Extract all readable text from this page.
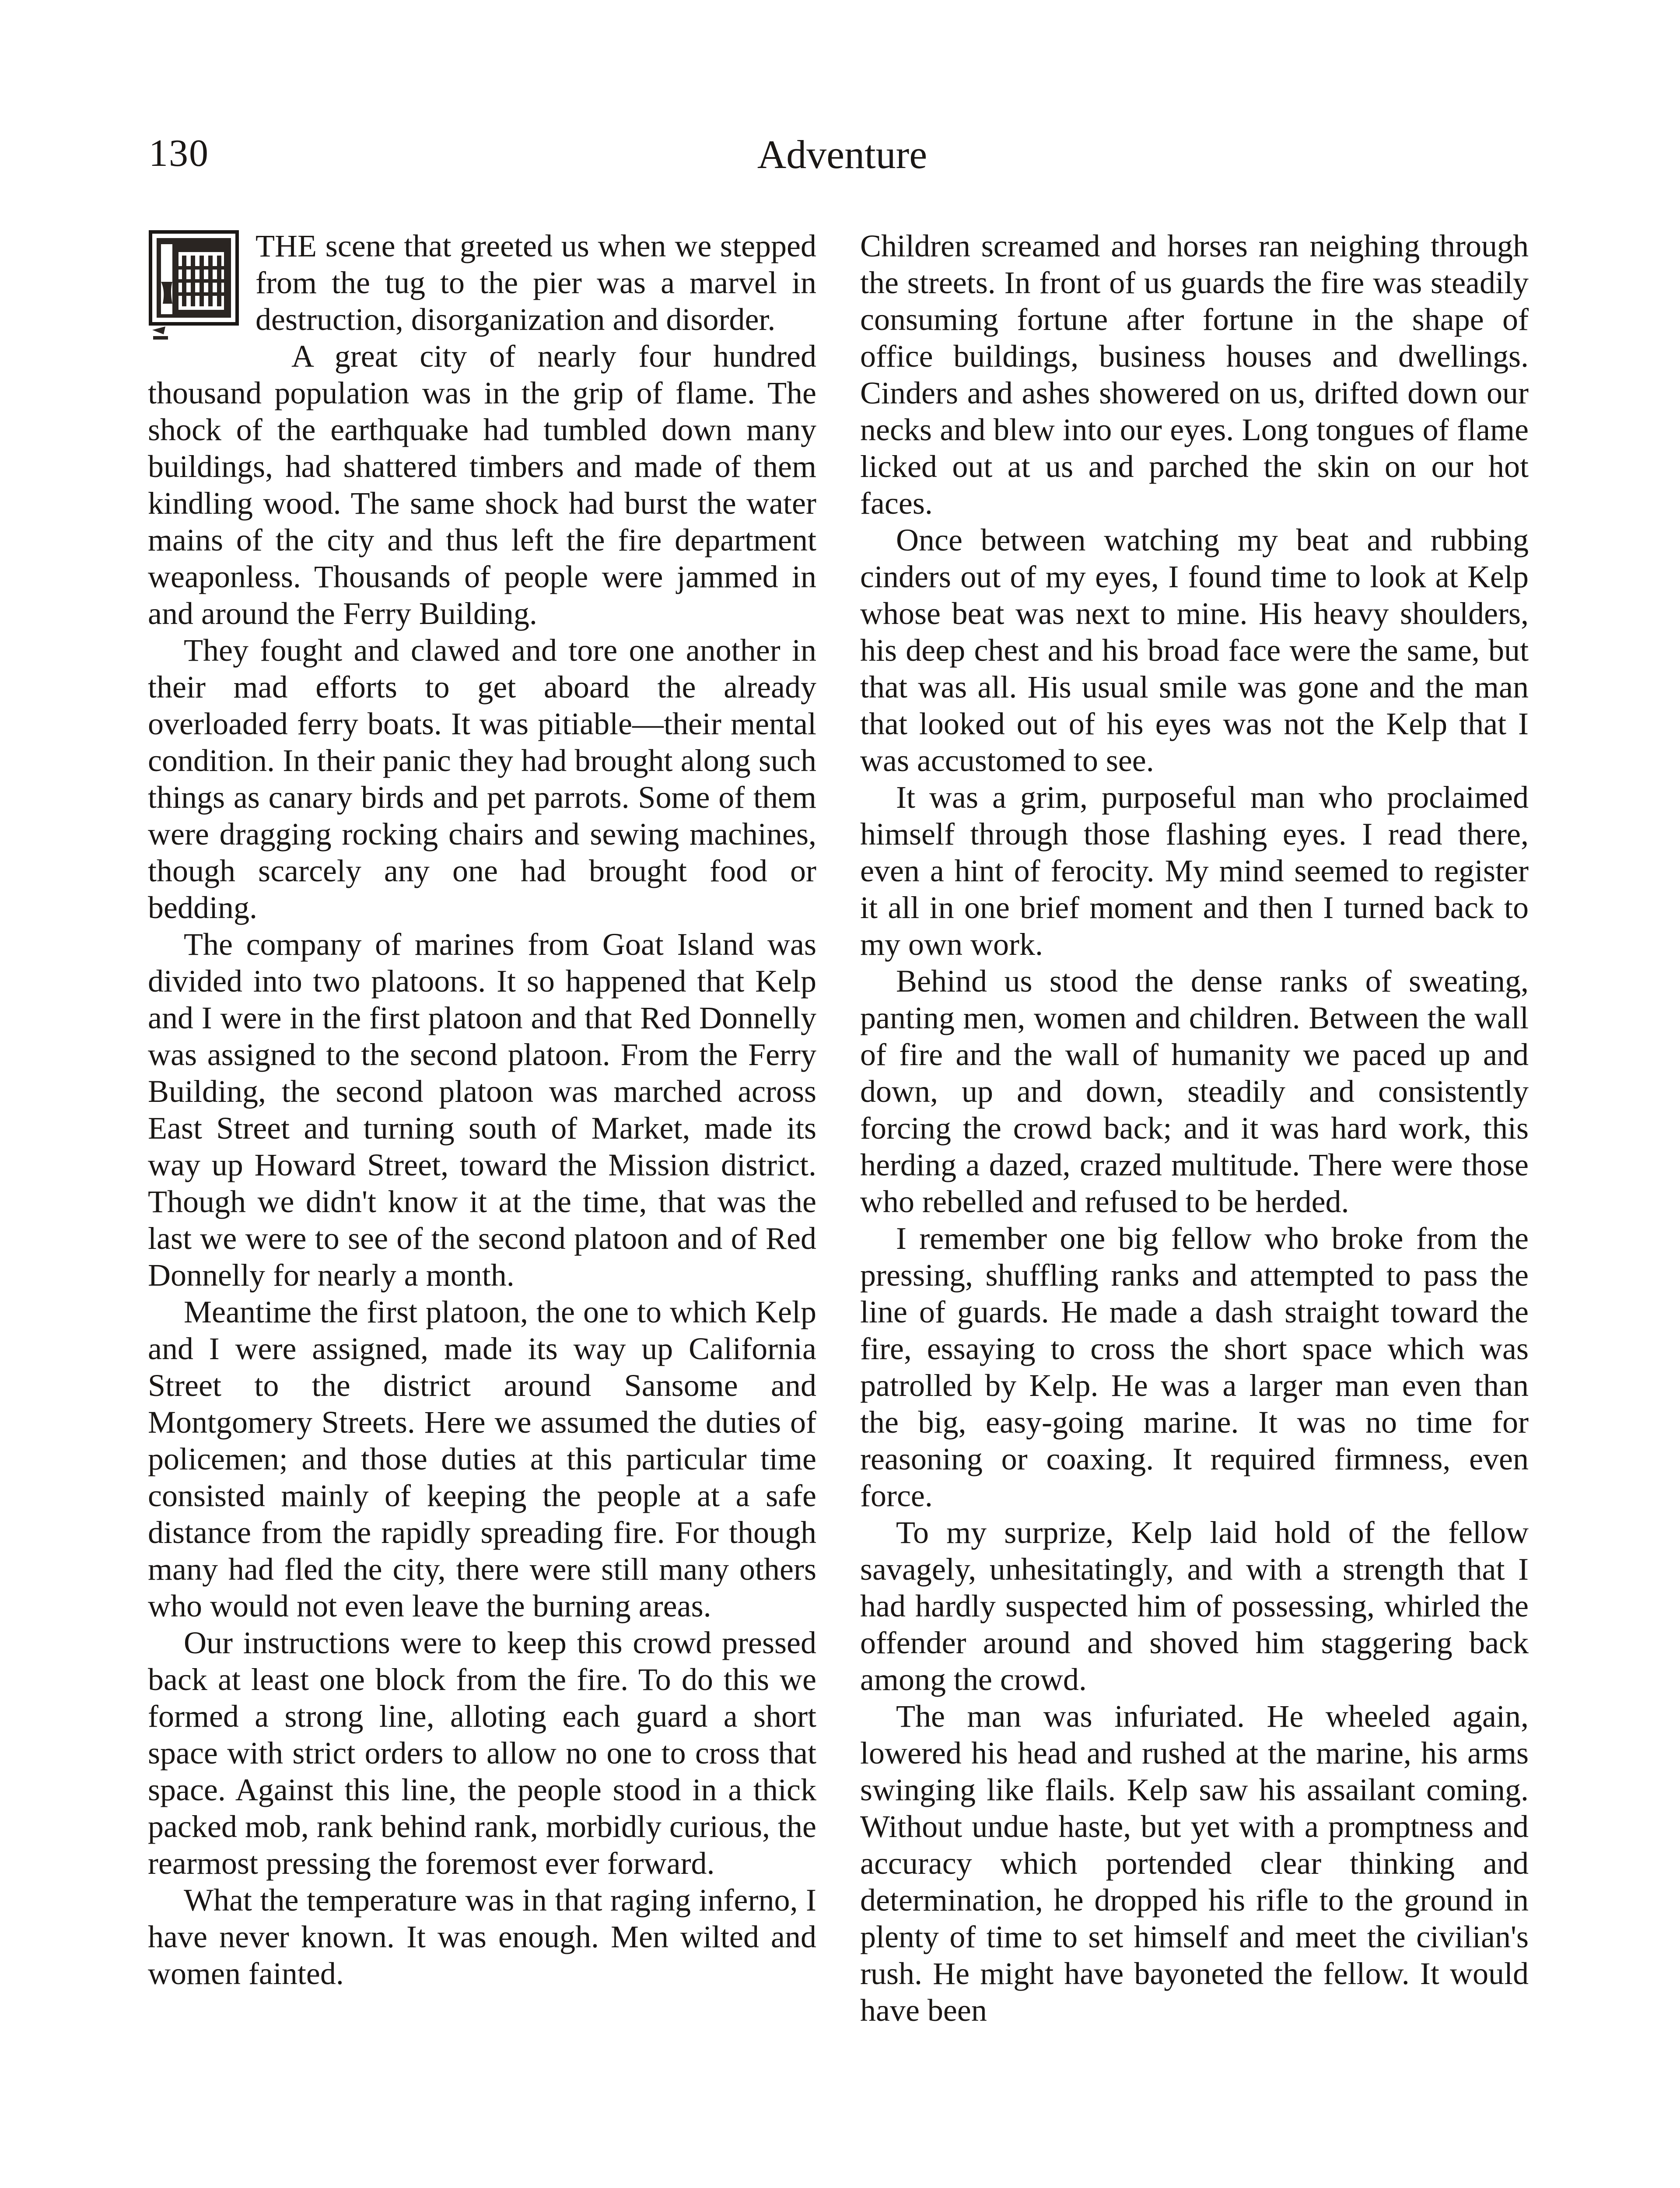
130	Adventure

THE scene that greeted us when we stepped from the tug to the pier was a marvel in destruction, disorganization and disorder.

A great city of nearly four hundred thousand population was in the grip of flame. The shock of the earthquake had tumbled down many buildings, had shattered timbers and made of them kindling wood. The same shock had burst the water mains of the city and thus left the fire department weaponless. Thousands of people were jammed in and around the Ferry Building.

They fought and clawed and tore one another in their mad efforts to get aboard the already overloaded ferry boats. It was pitiable—their mental condition. In their panic they had brought along such things as canary birds and pet parrots. Some of them were dragging rocking chairs and sewing machines, though scarcely any one had brought food or bedding.

The company of marines from Goat Island was divided into two platoons. It so happened that Kelp and I were in the first platoon and that Red Donnelly was assigned to the second platoon. From the Ferry Building, the second platoon was marched across East Street and turning south of Market, made its way up Howard Street, toward the Mission district. Though we didn't know it at the time, that was the last we were to see of the second platoon and of Red Donnelly for nearly a month.

Meantime the first platoon, the one to which Kelp and I were assigned, made its way up California Street to the district around Sansome and Montgomery Streets. Here we assumed the duties of policemen; and those duties at this particular time consisted mainly of keeping the people at a safe distance from the rapidly spreading fire. For though many had fled the city, there were still many others who would not even leave the burning areas.

Our instructions were to keep this crowd pressed back at least one block from the fire. To do this we formed a strong line, alloting each guard a short space with strict orders to allow no one to cross that space. Against this line, the people stood in a thick packed mob, rank behind rank, morbidly curious, the rearmost pressing the foremost ever forward.

What the temperature was in that raging inferno, I have never known. It was enough. Men wilted and women fainted.

Children screamed and horses ran neighing through the streets. In front of us guards the fire was steadily consuming fortune after fortune in the shape of office buildings, business houses and dwellings. Cinders and ashes showered on us, drifted down our necks and blew into our eyes. Long tongues of flame licked out at us and parched the skin on our hot faces.

Once between watching my beat and rubbing cinders out of my eyes, I found time to look at Kelp whose beat was next to mine. His heavy shoulders, his deep chest and his broad face were the same, but that was all. His usual smile was gone and the man that looked out of his eyes was not the Kelp that I was accustomed to see.

It was a grim, purposeful man who proclaimed himself through those flashing eyes. I read there, even a hint of ferocity. My mind seemed to register it all in one brief moment and then I turned back to my own work.

Behind us stood the dense ranks of sweating, panting men, women and children. Between the wall of fire and the wall of humanity we paced up and down, up and down, steadily and consistently forcing the crowd back; and it was hard work, this herding a dazed, crazed multitude. There were those who rebelled and refused to be herded.

I remember one big fellow who broke from the pressing, shuffling ranks and attempted to pass the line of guards. He made a dash straight toward the fire, essaying to cross the short space which was patrolled by Kelp. He was a larger man even than the big, easy-going marine. It was no time for reasoning or coaxing. It required firmness, even force.

To my surprize, Kelp laid hold of the fellow savagely, unhesitatingly, and with a strength that I had hardly suspected him of possessing, whirled the offender around and shoved him staggering back among the crowd.

The man was infuriated. He wheeled again, lowered his head and rushed at the marine, his arms swinging like flails. Kelp saw his assailant coming. Without undue haste, but yet with a promptness and accuracy which portended clear thinking and determination, he dropped his rifle to the ground in plenty of time to set himself and meet the civilian's rush. He might have bayoneted the fellow. It would have been
